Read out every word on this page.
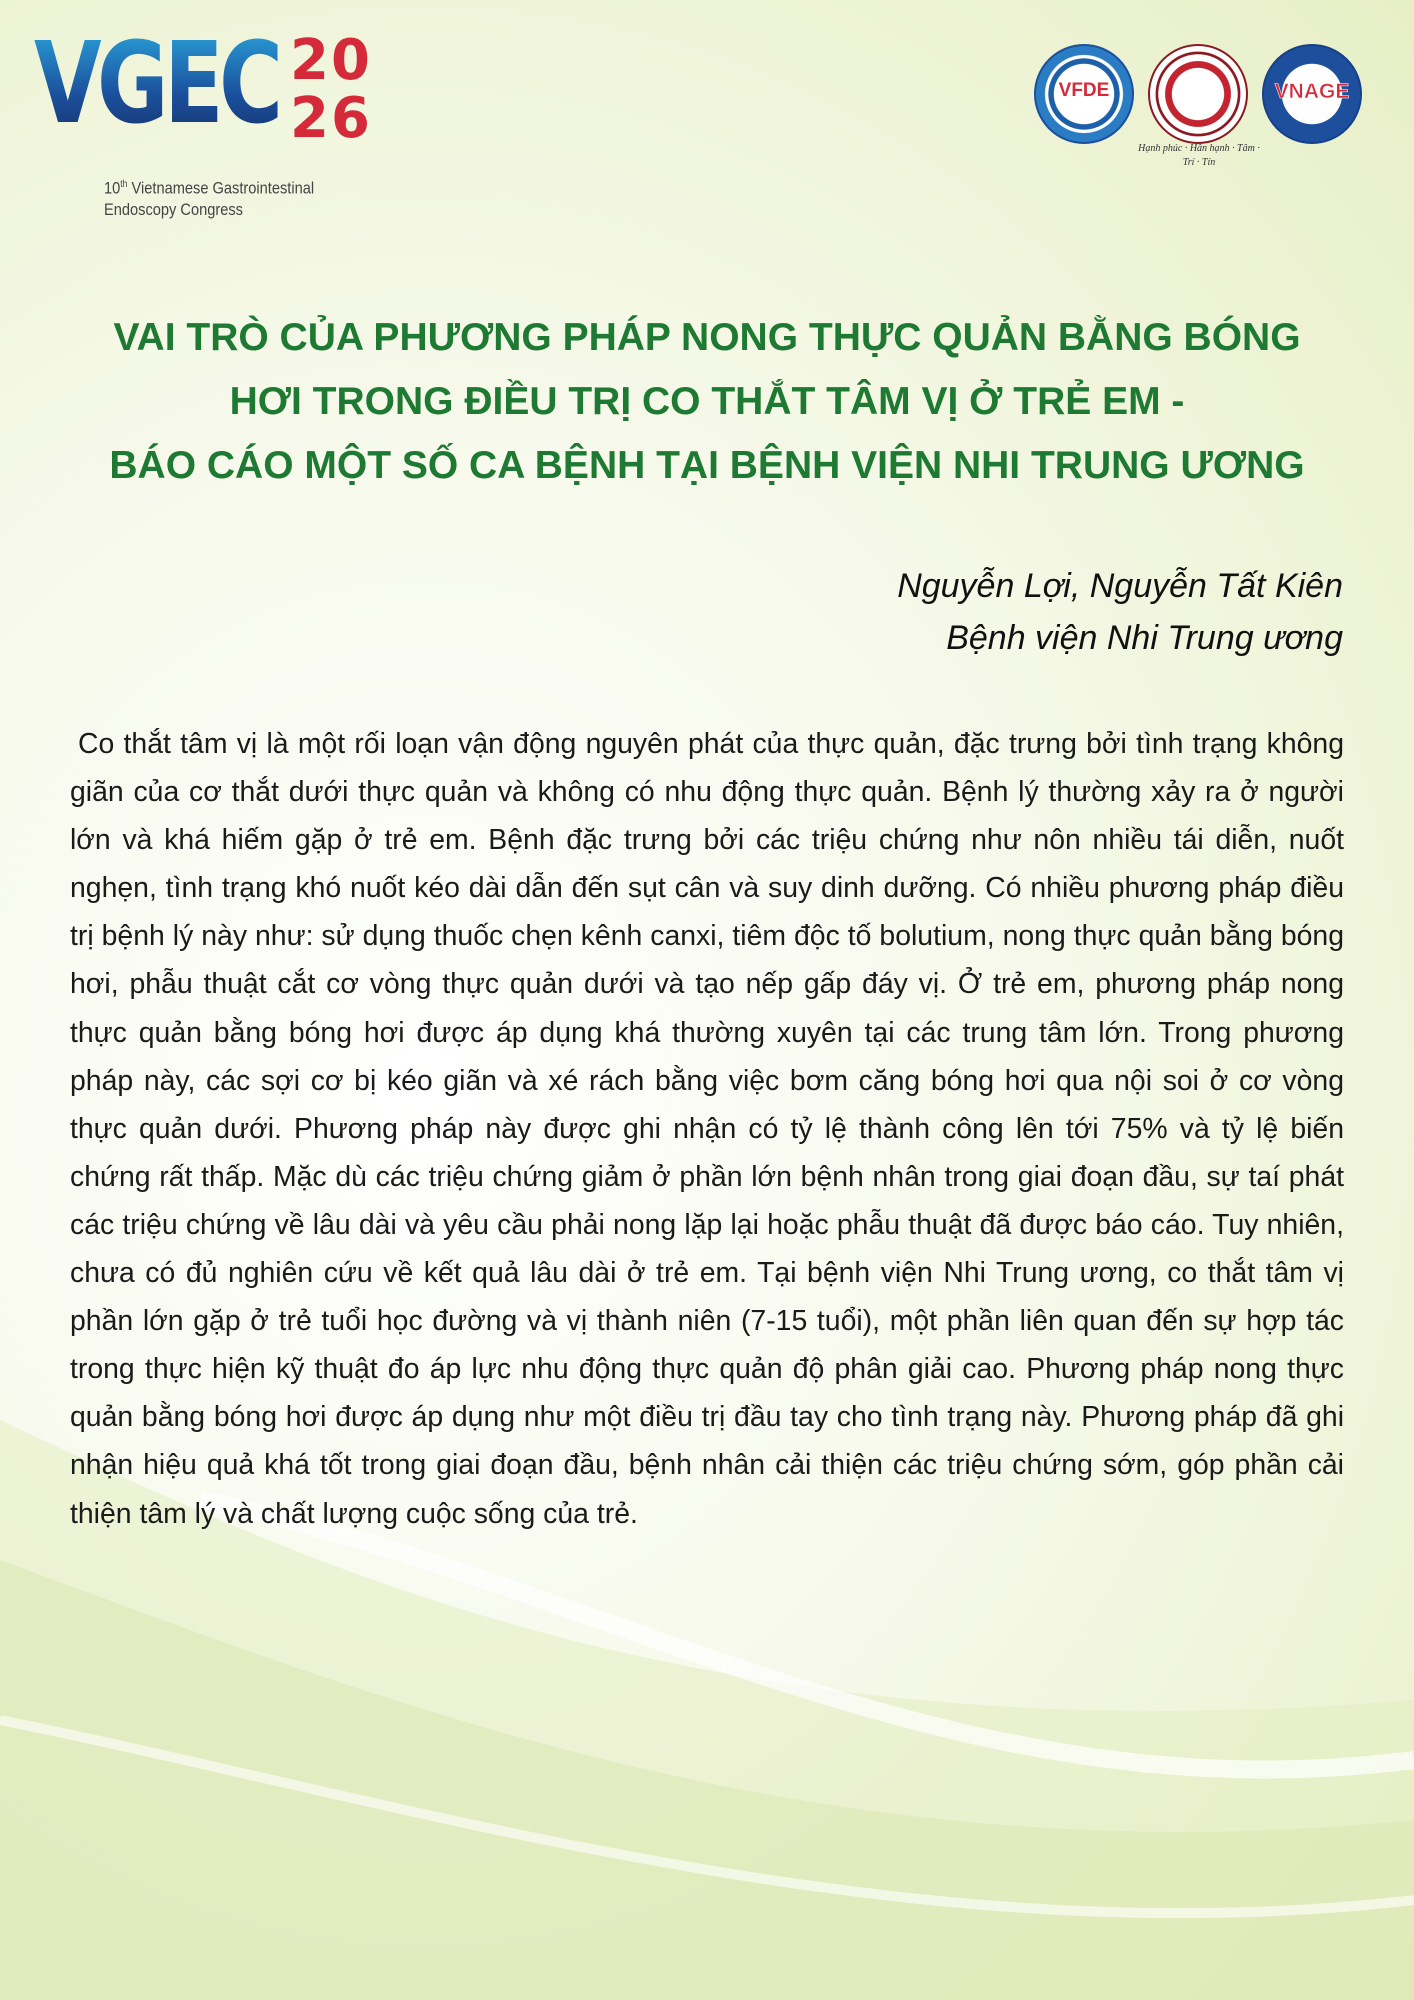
VGEC 20
26
10th Vietnamese Gastrointestinal
Endoscopy Congress
VFDE	108
Hạnh phúc · Hân hạnh · Tâm · Trí · Tín
VNAGE
VAI TRÒ CỦA PHƯƠNG PHÁP NONG THỰC QUẢN BẰNG BÓNG
HƠI TRONG ĐIỀU TRỊ CO THẮT TÂM VỊ Ở TRẺ EM -
BÁO CÁO MỘT SỐ CA BỆNH TẠI BỆNH VIỆN NHI TRUNG ƯƠNG
Nguyễn Lợi, Nguyễn Tất Kiên
Bệnh viện Nhi Trung ương

Co thắt tâm vị là một rối loạn vận động nguyên phát của thực quản, đặc trưng bởi tình trạng không giãn của cơ thắt dưới thực quản và không có nhu động thực quản. Bệnh lý thường xảy ra ở người lớn và khá hiếm gặp ở trẻ em. Bệnh đặc trưng bởi các triệu chứng như nôn nhiều tái diễn, nuốt nghẹn, tình trạng khó nuốt kéo dài dẫn đến sụt cân và suy dinh dưỡng. Có nhiều phương pháp điều trị bệnh lý này như: sử dụng thuốc chẹn kênh canxi, tiêm độc tố bolutium, nong thực quản bằng bóng hơi, phẫu thuật cắt cơ vòng thực quản dưới và tạo nếp gấp đáy vị. Ở trẻ em, phương pháp nong thực quản bằng bóng hơi được áp dụng khá thường xuyên tại các trung tâm lớn. Trong phương pháp này, các sợi cơ bị kéo giãn và xé rách bằng việc bơm căng bóng hơi qua nội soi ở cơ vòng thực quản dưới. Phương pháp này được ghi nhận có tỷ lệ thành công lên tới 75% và tỷ lệ biến chứng rất thấp. Mặc dù các triệu chứng giảm ở phần lớn bệnh nhân trong giai đoạn đầu, sự taí phát các triệu chứng về lâu dài và yêu cầu phải nong lặp lại hoặc phẫu thuật đã được báo cáo. Tuy nhiên, chưa có đủ nghiên cứu về kết quả lâu dài ở trẻ em. Tại bệnh viện Nhi Trung ương, co thắt tâm vị phần lớn gặp ở trẻ tuổi học đường và vị thành niên (7-15 tuổi), một phần liên quan đến sự hợp tác trong thực hiện kỹ thuật đo áp lực nhu động thực quản độ phân giải cao. Phương pháp nong thực quản bằng bóng hơi được áp dụng như một điều trị đầu tay cho tình trạng này. Phương pháp đã ghi nhận hiệu quả khá tốt trong giai đoạn đầu, bệnh nhân cải thiện các triệu chứng sớm, góp phần cải thiện tâm lý và chất lượng cuộc sống của trẻ.
